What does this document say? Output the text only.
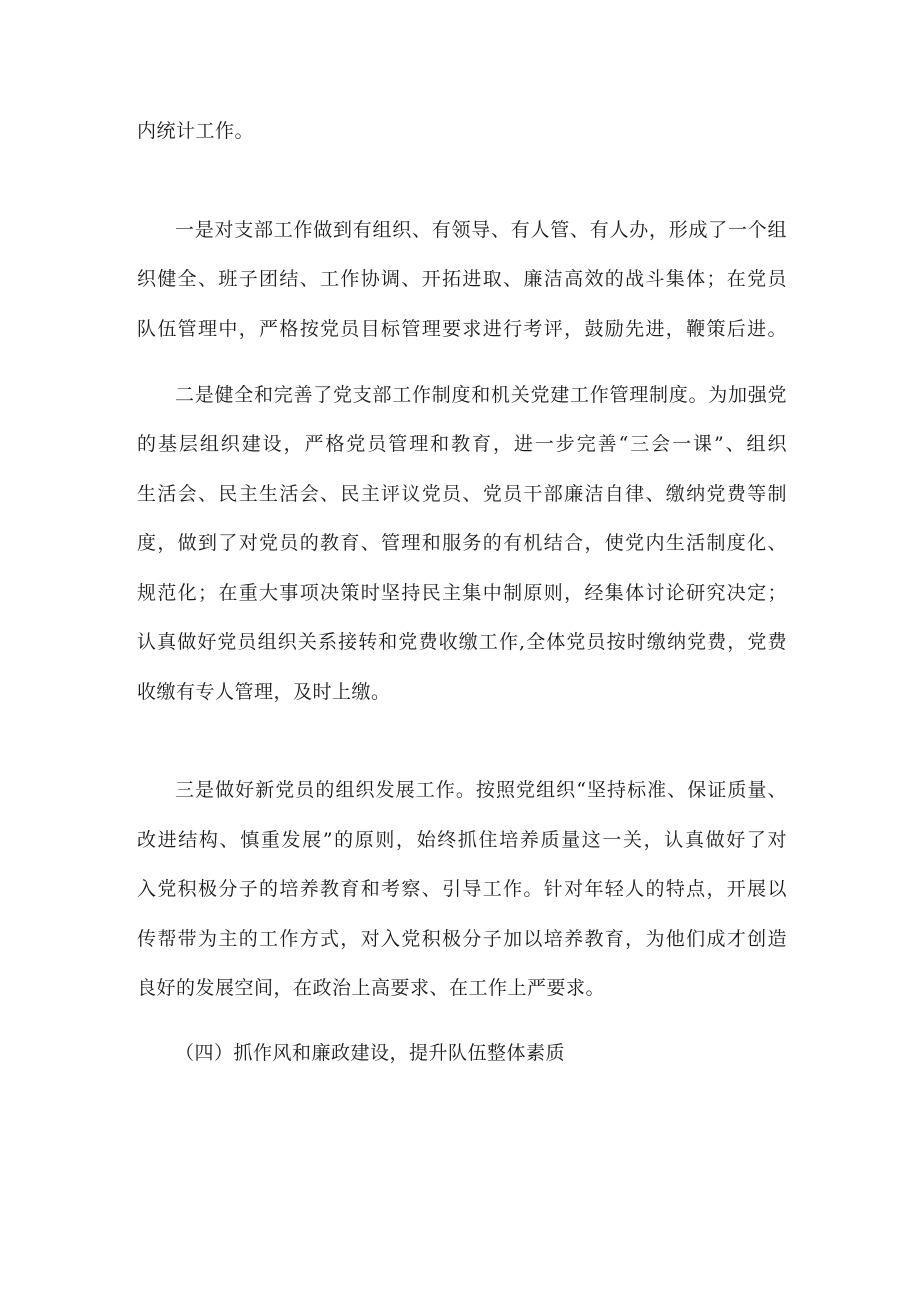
内统计工作。

一是对支部工作做到有组织、有领导、有人管、有人办，形成了一个组

织健全、班子团结、工作协调、开拓进取、廉洁高效的战斗集体；在党员

队伍管理中，严格按党员目标管理要求进行考评，鼓励先进，鞭策后进。

二是健全和完善了党支部工作制度和机关党建工作管理制度。为加强党

的基层组织建设，严格党员管理和教育，进一步完善“三会一课”、组织

生活会、民主生活会、民主评议党员、党员干部廉洁自律、缴纳党费等制

度，做到了对党员的教育、管理和服务的有机结合，使党内生活制度化、

规范化；在重大事项决策时坚持民主集中制原则，经集体讨论研究决定；

认真做好党员组织关系接转和党费收缴工作,全体党员按时缴纳党费，党费

收缴有专人管理，及时上缴。

三是做好新党员的组织发展工作。按照党组织“坚持标准、保证质量、

改进结构、慎重发展”的原则，始终抓住培养质量这一关，认真做好了对

入党积极分子的培养教育和考察、引导工作。针对年轻人的特点，开展以

传帮带为主的工作方式，对入党积极分子加以培养教育，为他们成才创造

良好的发展空间，在政治上高要求、在工作上严要求。

（四）抓作风和廉政建设，提升队伍整体素质
